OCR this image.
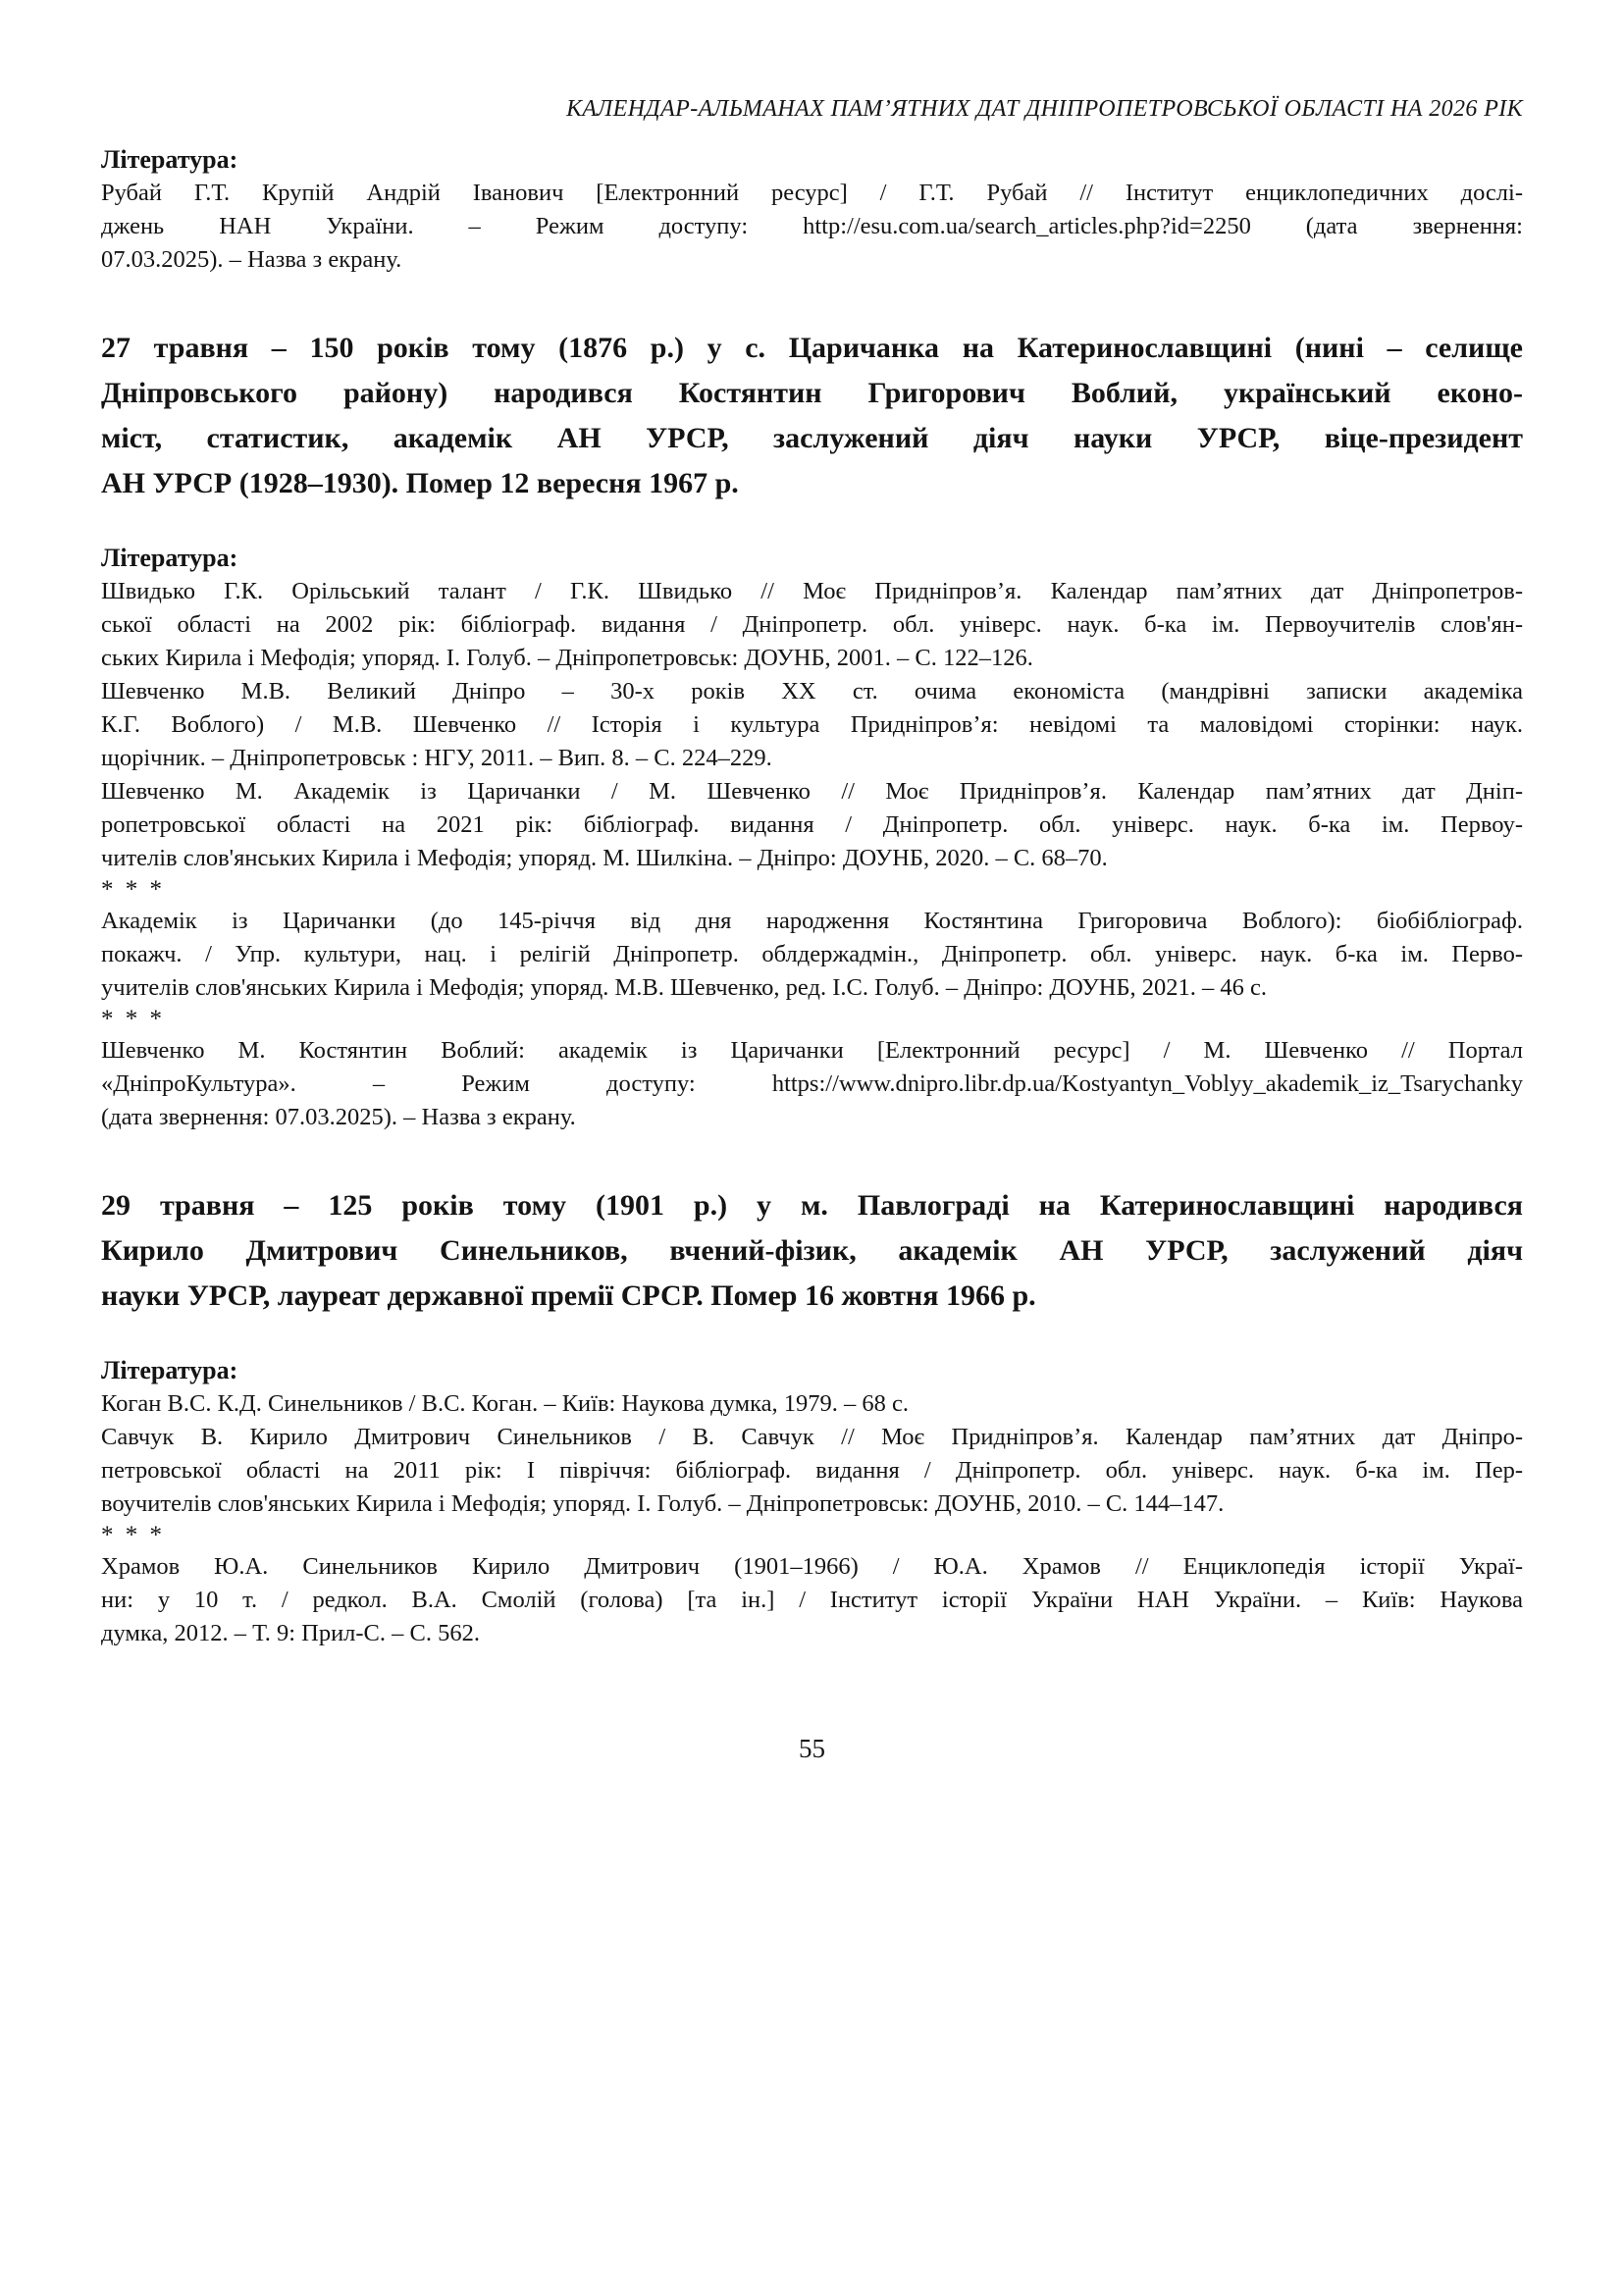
КАЛЕНДАР-АЛЬМАНАХ ПАМ’ЯТНИХ ДАТ ДНІПРОПЕТРОВСЬКОЇ ОБЛАСТІ НА 2026 РІК
Література:
Рубай Г.Т. Крупій Андрій Іванович [Електронний ресурс] / Г.Т. Рубай // Інститут енциклопедичних дослі-
джень НАН України. – Режим доступу: http://esu.com.ua/search_articles.php?id=2250 (дата звернення:
07.03.2025). – Назва з екрану.
27 травня – 150 років тому (1876 р.) у с. Царичанка на Катеринославщині (нині – селище
Дніпровського району) народився Костянтин Григорович Воблий, український еконо-
міст, статистик, академік АН УРСР, заслужений діяч науки УРСР, віце-президент
АН УРСР (1928–1930). Помер 12 вересня 1967 р.
Література:
Швидько Г.К. Орільський талант / Г.К. Швидько // Моє Придніпров’я. Календар пам’ятних дат Дніпропетров-
ської області на 2002 рік: бібліограф. видання / Дніпропетр. обл. універс. наук. б-ка ім. Первоучителів слов'ян-
ських Кирила і Мефодія; упоряд. І. Голуб. – Дніпропетровськ: ДОУНБ, 2001. – С. 122–126.
Шевченко М.В. Великий Дніпро – 30-х років ХХ ст. очима економіста (мандрівні записки академіка
К.Г. Воблого) / М.В. Шевченко // Історія і культура Придніпров’я: невідомі та маловідомі сторінки: наук.
щорічник. – Дніпропетровськ : НГУ, 2011. – Вип. 8. – С. 224–229.
Шевченко М. Академік із Царичанки / М. Шевченко // Моє Придніпров’я. Календар пам’ятних дат Дніп-
ропетровської області на 2021 рік: бібліограф. видання / Дніпропетр. обл. універс. наук. б-ка ім. Первоу-
чителів слов'янських Кирила і Мефодія; упоряд. М. Шилкіна. – Дніпро: ДОУНБ, 2020. – С. 68–70.
* * *
Академік із Царичанки (до 145-річчя від дня народження Костянтина Григоровича Воблого): біобібліограф.
покажч. / Упр. культури, нац. і релігій Дніпропетр. облдержадмін., Дніпропетр. обл. універс. наук. б-ка ім. Перво-
учителів слов'янських Кирила і Мефодія; упоряд. М.В. Шевченко, ред. І.С. Голуб. – Дніпро: ДОУНБ, 2021. – 46 с.
* * *
Шевченко М. Костянтин Воблий: академік із Царичанки [Електронний ресурс] / М. Шевченко // Портал
«ДніпроКультура». – Режим доступу: https://www.dnipro.libr.dp.ua/Kostyantyn_Voblyy_akademik_iz_Tsarychanky
(дата звернення: 07.03.2025). – Назва з екрану.
29 травня – 125 років тому (1901 р.) у м. Павлограді на Катеринославщині народився
Кирило Дмитрович Синельников, вчений-фізик, академік АН УРСР, заслужений діяч
науки УРСР, лауреат державної премії СРСР. Помер 16 жовтня 1966 р.
Література:
Коган В.С. К.Д. Синельников / В.С. Коган. – Київ: Наукова думка, 1979. – 68 с.
Савчук В. Кирило Дмитрович Синельников / В. Савчук // Моє Придніпров’я. Календар пам’ятних дат Дніпро-
петровської області на 2011 рік: І півріччя: бібліограф. видання / Дніпропетр. обл. універс. наук. б-ка ім. Пер-
воучителів слов'янських Кирила і Мефодія; упоряд. І. Голуб. – Дніпропетровськ: ДОУНБ, 2010. – С. 144–147.
* * *
Храмов Ю.А. Синельников Кирило Дмитрович (1901–1966) / Ю.А. Храмов // Енциклопедія історії Украї-
ни: у 10 т. / редкол. В.А. Смолій (голова) [та ін.] / Інститут історії України НАН України. – Київ: Наукова
думка, 2012. – Т. 9: Прил-С. – С. 562.
55
